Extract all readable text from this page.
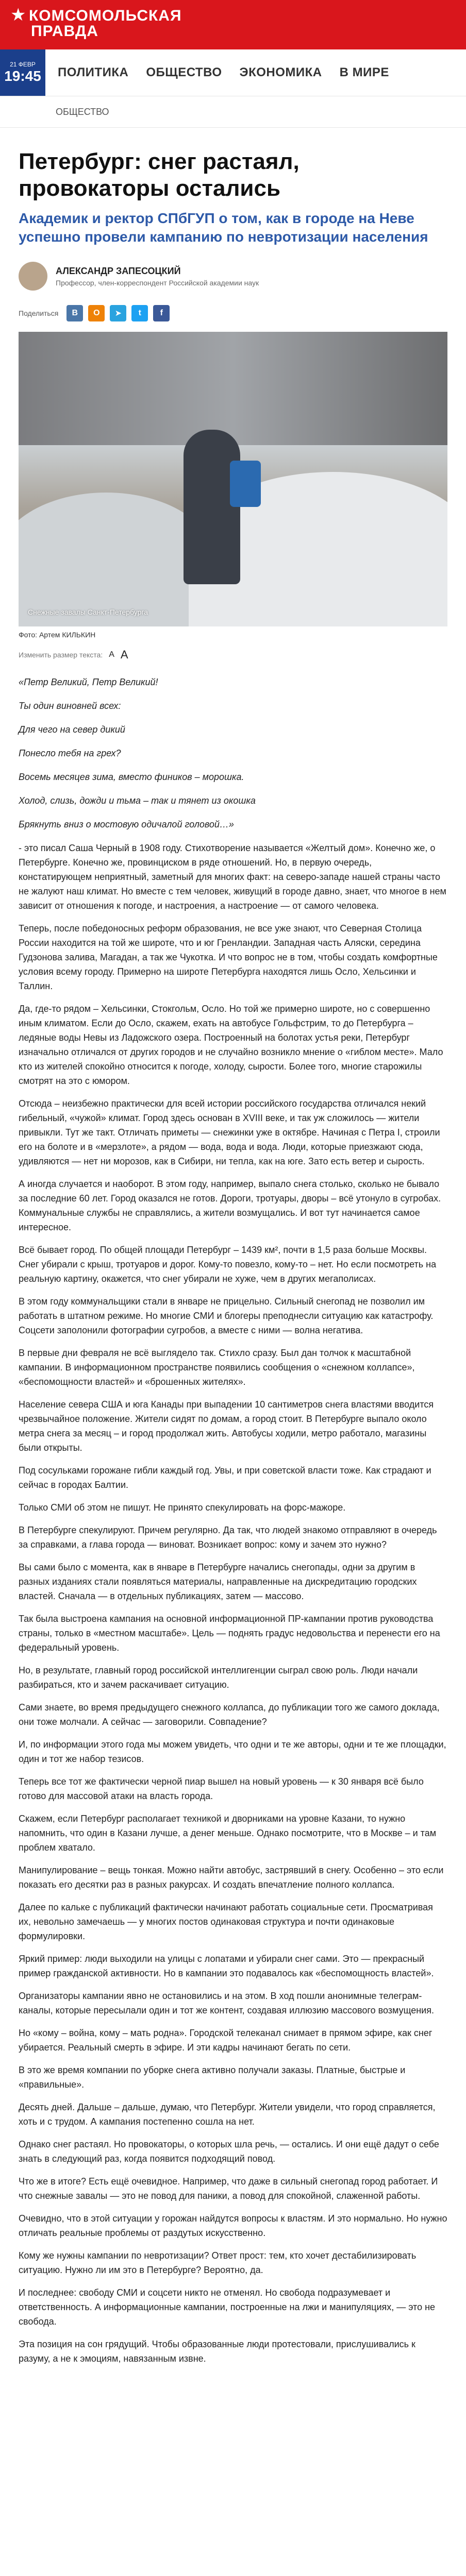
★ КОМСОМОЛЬСКАЯ
ПРАВДА
21 ФЕВР
19:45 ПОЛИТИКА ОБЩЕСТВО ЭКОНОМИКА В МИРЕ
ОБЩЕСТВО
Петербург: снег растаял, провокаторы остались

Академик и ректор СПбГУП о том, как в городе на Неве успешно провели кампанию по невротизации населения

АЛЕКСАНДР ЗАПЕСОЦКИЙ
Профессор, член-корреспондент Российской академии наук
Поделиться	В	О	➤	t	f
Снежные завалы Санкт-Петербурга
Фото: Артем КИЛЬКИН
Изменить размер текста: А А
«Петр Великий, Петр Великий!
Ты один виновней всех:
Для чего на север дикий
Понесло тебя на грех?
Восемь месяцев зима, вместо фиников – морошка.
Холод, слизь, дожди и тьма – так и тянет из окошка
Брякнуть вниз о мостовую одичалой головой…»

- это писал Саша Черный в 1908 году. Стихотворение называется «Желтый дом». Конечно же, о Петербурге. Конечно же, провинциском в ряде отношений. Но, в первую очередь, констатирующем неприятный, заметный для многих факт: на северо-западе нашей страны часто не жалуют наш климат. Но вместе с тем человек, живущий в городе давно, знает, что многое в нем зависит от отношения к погоде, и настроения, а настроение — от самого человека.

Теперь, после победоносных реформ образования, не все уже знают, что Северная Столица России находится на той же широте, что и юг Гренландии. Западная часть Аляски, середина Гудзонова залива, Магадан, а так же Чукотка. И что вопрос не в том, чтобы создать комфортные условия всему городу. Примерно на широте Петербурга находятся лишь Осло, Хельсинки и Таллин.

Да, где-то рядом – Хельсинки, Стокгольм, Осло. Но той же примерно широте, но с совершенно иным климатом. Если до Осло, скажем, ехать на автобусе Гольфстрим, то до Петербурга – ледяные воды Невы из Ладожского озера. Построенный на болотах устья реки, Петербург изначально отличался от других городов и не случайно возникло мнение о «гиблом месте». Мало кто из жителей спокойно относится к погоде, холоду, сырости. Более того, многие старожилы смотрят на это с юмором.

Отсюда – неизбежно практически для всей истории российского государства отличался некий гибельный, «чужой» климат. Город здесь основан в XVIII веке, и так уж сложилось — жители привыкли. Тут же такт. Отличать приметы — снежинки уже в октябре. Начиная с Петра I, строили его на болоте и в «мерзлоте», а рядом — вода, вода и вода. Люди, которые приезжают сюда, удивляются — нет ни морозов, как в Сибири, ни тепла, как на юге. Зато есть ветер и сырость.

А иногда случается и наоборот. В этом году, например, выпало снега столько, сколько не бывало за последние 60 лет. Город оказался не готов. Дороги, тротуары, дворы – всё утонуло в сугробах. Коммунальные службы не справлялись, а жители возмущались. И вот тут начинается самое интересное.

Всё бывает город. По общей площади Петербург – 1439 км², почти в 1,5 раза больше Москвы. Снег убирали с крыш, тротуаров и дорог. Кому-то повезло, кому-то – нет. Но если посмотреть на реальную картину, окажется, что снег убирали не хуже, чем в других мегаполисах.

В этом году коммунальщики стали в январе не прицельно. Сильный снегопад не позволил им работать в штатном режиме. Но многие СМИ и блогеры преподнесли ситуацию как катастрофу. Соцсети заполонили фотографии сугробов, а вместе с ними — волна негатива.

В первые дни февраля не всё выглядело так. Стихло сразу. Был дан толчок к масштабной кампании. В информационном пространстве появились сообщения о «снежном коллапсе», «беспомощности властей» и «брошенных жителях».

Население севера США и юга Канады при выпадении 10 сантиметров снега властями вводится чрезвычайное положение. Жители сидят по домам, а город стоит. В Петербурге выпало около метра снега за месяц – и город продолжал жить. Автобусы ходили, метро работало, магазины были открыты.

Под сосульками горожане гибли каждый год. Увы, и при советской власти тоже. Как страдают и сейчас в городах Балтии.

Только СМИ об этом не пишут. Не принято спекулировать на форс-мажоре.

В Петербурге спекулируют. Причем регулярно. Да так, что людей знакомо отправляют в очередь за справками, а глава города — виноват. Возникает вопрос: кому и зачем это нужно?

Вы сами было с момента, как в январе в Петербурге начались снегопады, одни за другим в разных изданиях стали появляться материалы, направленные на дискредитацию городских властей. Сначала — в отдельных публикациях, затем — массово.

Так была выстроена кампания на основной информационной ПР-кампании против руководства страны, только в «местном масштабе». Цель — поднять градус недовольства и перенести его на федеральный уровень.

Но, в результате, главный город российской интеллигенции сыграл свою роль. Люди начали разбираться, кто и зачем раскачивает ситуацию.

Сами знаете, во время предыдущего снежного коллапса, до публикации того же самого доклада, они тоже молчали. А сейчас — заговорили. Совпадение?

И, по информации этого года мы можем увидеть, что одни и те же авторы, одни и те же площадки, один и тот же набор тезисов.

Теперь все тот же фактически черной пиар вышел на новый уровень — к 30 января всё было готово для массовой атаки на власть города.

Скажем, если Петербург располагает техникой и дворниками на уровне Казани, то нужно напомнить, что один в Казани лучше, а денег меньше. Однако посмотрите, что в Москве – и там проблем хватало.

Манипулирование – вещь тонкая. Можно найти автобус, застрявший в снегу. Особенно – это если показать его десятки раз в разных ракурсах. И создать впечатление полного коллапса.

Далее по кальке с публикаций фактически начинают работать социальные сети. Просматривая их, невольно замечаешь — у многих постов одинаковая структура и почти одинаковые формулировки.

Яркий пример: люди выходили на улицы с лопатами и убирали снег сами. Это — прекрасный пример гражданской активности. Но в кампании это подавалось как «беспомощность властей».

Организаторы кампании явно не остановились и на этом. В ход пошли анонимные телеграм-каналы, которые пересылали один и тот же контент, создавая иллюзию массового возмущения.

Но «кому – война, кому – мать родна». Городской телеканал снимает в прямом эфире, как снег убирается. Реальный смерть в эфире. И эти кадры начинают бегать по сети.

В это же время компании по уборке снега активно получали заказы. Платные, быстрые и «правильные».

Десять дней. Дальше – дальше, думаю, что Петербург. Жители увидели, что город справляется, хоть и с трудом. А кампания постепенно сошла на нет.

Однако снег растаял. Но провокаторы, о которых шла речь, — остались. И они ещё дадут о себе знать в следующий раз, когда появится подходящий повод.

Что же в итоге? Есть ещё очевидное. Например, что даже в сильный снегопад город работает. И что снежные завалы — это не повод для паники, а повод для спокойной, слаженной работы.

Очевидно, что в этой ситуации у горожан найдутся вопросы к властям. И это нормально. Но нужно отличать реальные проблемы от раздутых искусственно.

Кому же нужны кампании по невротизации? Ответ прост: тем, кто хочет дестабилизировать ситуацию. Нужно ли им это в Петербурге? Вероятно, да.

И последнее: свободу СМИ и соцсети никто не отменял. Но свобода подразумевает и ответственность. А информационные кампании, построенные на лжи и манипуляциях, — это не свобода.

Эта позиция на сон грядущий. Чтобы образованные люди протестовали, прислушивались к разуму, а не к эмоциям, навязанным извне.
